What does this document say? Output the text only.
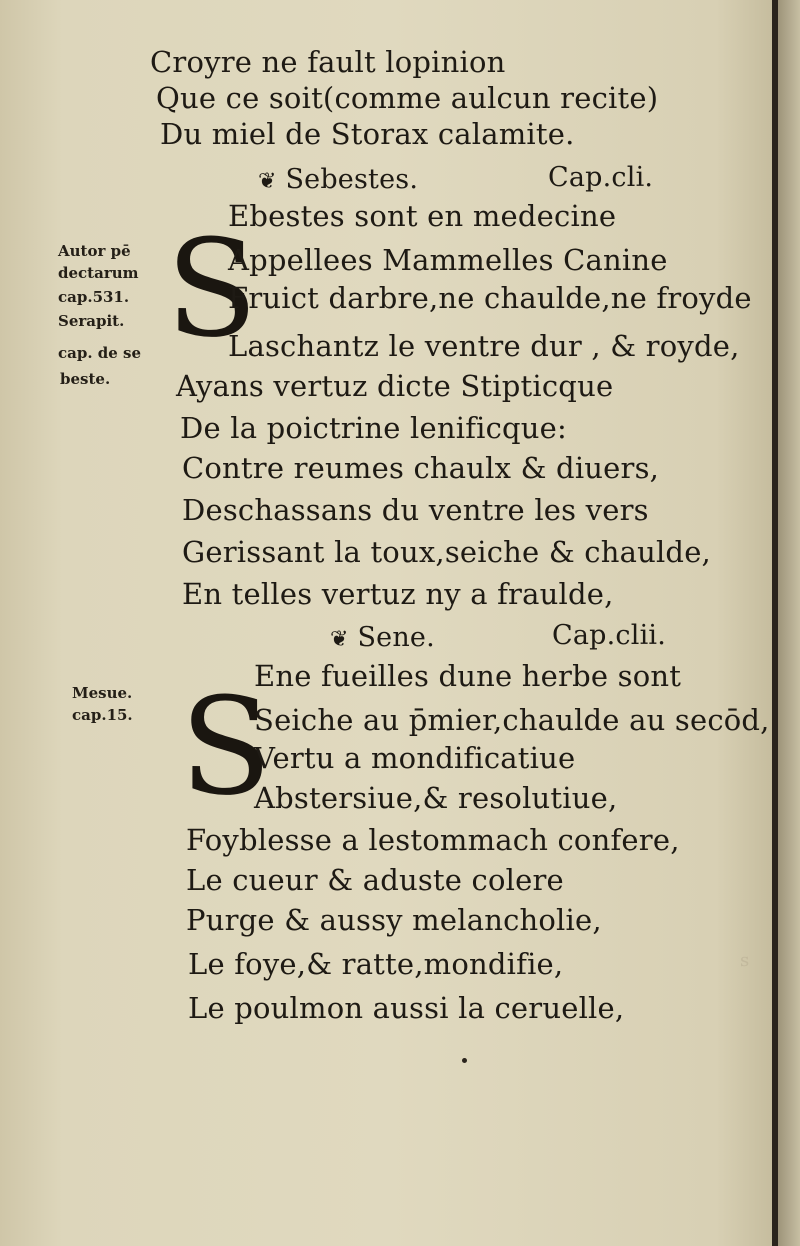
Croyre ne fault lopinion
Que ce soit(comme aulcun recite)
Du miel de Storax calamite.
❦ Sebestes.	Cap.cli.
S
Ebestes sont en medecine
Appellees Mammelles Canine
Fruict darbre,ne chaulde,ne froyde
Laschantz le ventre dur , & royde,
Ayans vertuz dicte Stipticque
De la poictrine lenificque:
Contre reumes chaulx & diuers,
Deschassans du ventre les vers
Gerissant la toux,seiche & chaulde,
En telles vertuz ny a fraulde,
❦ Sene.	Cap.clii.
S
Ene fueilles dune herbe sont
Seiche au p̄mier,chaulde au secōd,
Vertu a mondificatiue
Abstersiue,& resolutiue,
Foyblesse a lestommach confere,
Le cueur & aduste colere
Purge & aussy melancholie,
Le foye,& ratte,mondifie,
Le poulmon aussi la ceruelle,
Autor pē
dectarum
cap.531.
Serapit.
cap. de se
beste.
Mesue.
cap.15.
ꜱ
